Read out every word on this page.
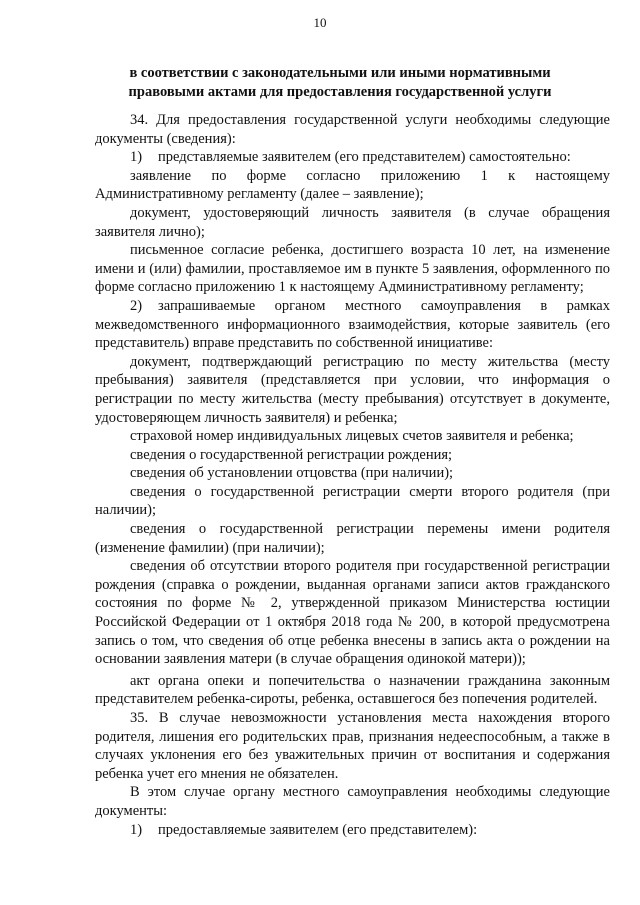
10
в соответствии с законодательными или иными нормативными правовыми актами для предоставления государственной услуги

34. Для предоставления государственной услуги необходимы следующие документы (сведения):

1) представляемые заявителем (его представителем) самостоятельно:

заявление по форме согласно приложению 1 к настоящему Административному регламенту (далее – заявление);

документ, удостоверяющий личность заявителя (в случае обращения заявителя лично);

письменное согласие ребенка, достигшего возраста 10 лет, на изменение имени и (или) фамилии, проставляемое им в пункте 5 заявления, оформленного по форме согласно приложению 1 к настоящему Административному регламенту;

2) запрашиваемые органом местного самоуправления в рамках межведомственного информационного взаимодействия, которые заявитель (его представитель) вправе представить по собственной инициативе:

документ, подтверждающий регистрацию по месту жительства (месту пребывания) заявителя (представляется при условии, что информация о регистрации по месту жительства (месту пребывания) отсутствует в документе, удостоверяющем личность заявителя) и ребенка;

страховой номер индивидуальных лицевых счетов заявителя и ребенка;

сведения о государственной регистрации рождения;

сведения об установлении отцовства (при наличии);

сведения о государственной регистрации смерти второго родителя (при наличии);

сведения о государственной регистрации перемены имени родителя (изменение фамилии) (при наличии);

сведения об отсутствии второго родителя при государственной регистрации рождения (справка о рождении, выданная органами записи актов гражданского состояния по форме № 2, утвержденной приказом Министерства юстиции Российской Федерации от 1 октября 2018 года № 200, в которой предусмотрена запись о том, что сведения об отце ребенка внесены в запись акта о рождении на основании заявления матери (в случае обращения одинокой матери));

акт органа опеки и попечительства о назначении гражданина законным представителем ребенка-сироты, ребенка, оставшегося без попечения родителей.

35. В случае невозможности установления места нахождения второго родителя, лишения его родительских прав, признания недееспособным, а также в случаях уклонения его без уважительных причин от воспитания и содержания ребенка учет его мнения не обязателен.

В этом случае органу местного самоуправления необходимы следующие документы:

1) предоставляемые заявителем (его представителем):
